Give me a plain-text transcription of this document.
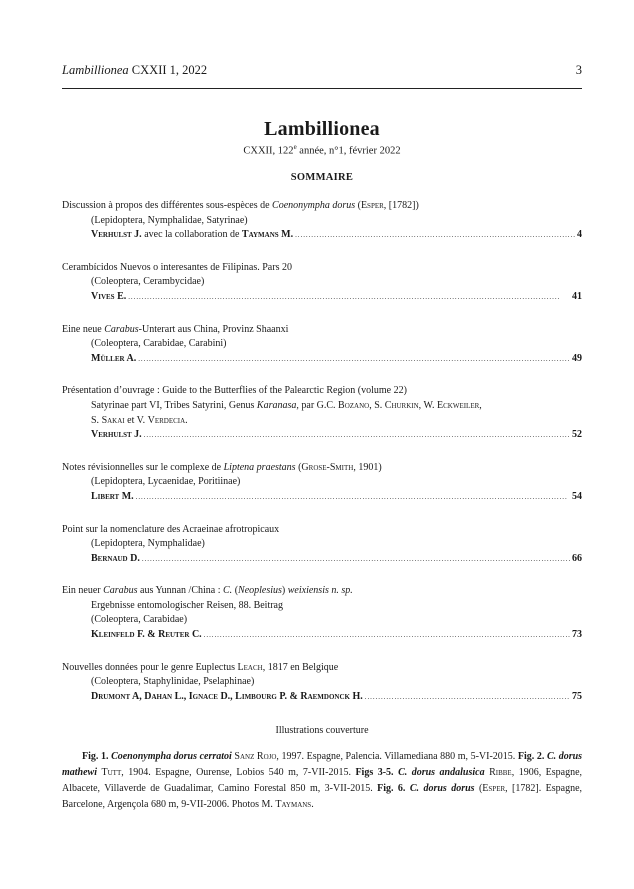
Lambillionea CXXII 1, 2022	3
Lambillionea
CXXII, 122e année, n°1, février 2022
SOMMAIRE
Discussion à propos des différentes sous-espèces de Coenonympha dorus (Esper, [1782])
(Lepidoptera, Nymphalidae, Satyrinae)
Verhulst J. avec la collaboration de Taymans M. . . .	4
Cerambícidos Nuevos o interesantes de Filipinas. Pars 20
(Coleoptera, Cerambycidae)
Vives E. . . .	41
Eine neue Carabus-Unterart aus China, Provinz Shaanxi
(Coleoptera, Carabidae, Carabini)
Müller A. . . .	49
Présentation d’ouvrage : Guide to the Butterflies of the Palearctic Region (volume 22)
Satyrinae part VI, Tribes Satyrini, Genus Karanasa, par G.C. Bozano, S. Churkin, W. Eckweiler,
S. Sakai et V. Verdecia.
Verhulst J. . . .	52
Notes révisionnelles sur le complexe de Liptena praestans (Grose-Smith, 1901)
(Lepidoptera, Lycaenidae, Poritiinae)
Libert M. . . .	54
Point sur la nomenclature des Acraeinae afrotropicaux
(Lepidoptera, Nymphalidae)
Bernaud D. . . .	66
Ein neuer Carabus aus Yunnan /China : C. (Neoplesius) weixiensis n. sp.
Ergebnisse entomologischer Reisen, 88. Beitrag
(Coleoptera, Carabidae)
Kleinfeld F. & Reuter C. . . .	73
Nouvelles données pour le genre Euplectus Leach, 1817 en Belgique
(Coleoptera, Staphylinidae, Pselaphinae)
Drumont A, Dahan L., Ignace D., Limbourg P. & Raemdonck H. . . .	75
Illustrations couverture

Fig. 1. Coenonympha dorus cerratoi Sanz Rojo, 1997. Espagne, Palencia. Villamediana 880 m, 5-VI-2015. Fig. 2. C. dorus mathewi Tutt, 1904. Espagne, Ourense, Lobios 540 m, 7-VII-2015. Figs 3-5. C. dorus andalusica Ribbe, 1906, Espagne, Albacete, Villaverde de Guadalimar, Camino Forestal 850 m, 3-VII-2015. Fig. 6. C. dorus dorus (Esper, [1782]. Espagne, Barcelone, Argençola 680 m, 9-VII-2006. Photos M. Taymans.
